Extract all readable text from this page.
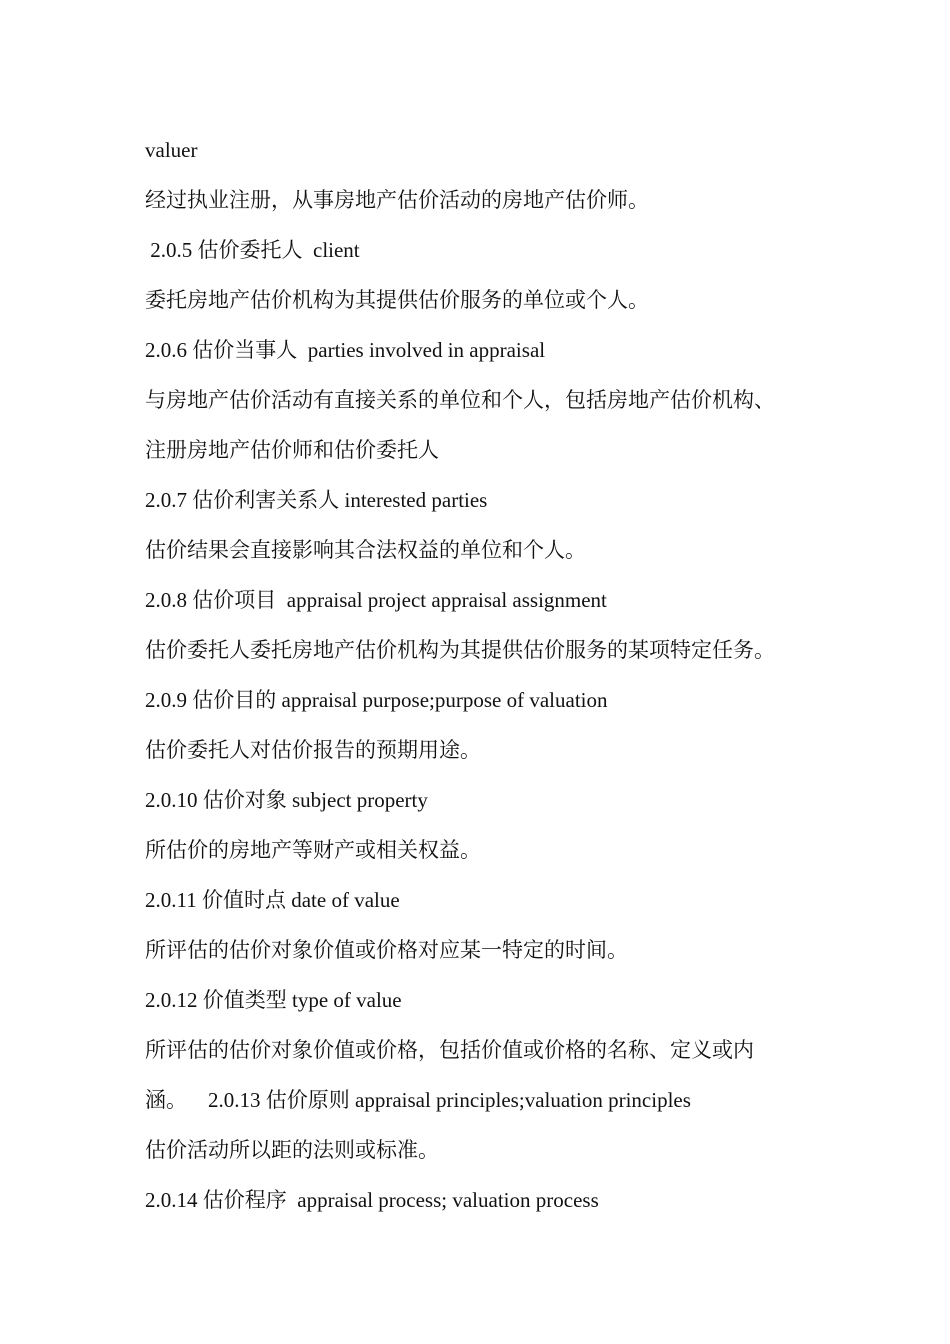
valuer
经过执业注册，从事房地产估价活动的房地产估价师。
2.0.5 估价委托人  client
委托房地产估价机构为其提供估价服务的单位或个人。
2.0.6 估价当事人  parties involved in appraisal
与房地产估价活动有直接关系的单位和个人，包括房地产估价机构、
注册房地产估价师和估价委托人
2.0.7 估价利害关系人 interested parties
估价结果会直接影响其合法权益的单位和个人。
2.0.8 估价项目  appraisal project appraisal assignment
估价委托人委托房地产估价机构为其提供估价服务的某项特定任务。
2.0.9 估价目的 appraisal purpose;purpose of valuation
估价委托人对估价报告的预期用途。
2.0.10 估价对象 subject property
所估价的房地产等财产或相关权益。
2.0.11 价值时点 date of value
所评估的估价对象价值或价格对应某一特定的时间。
2.0.12 价值类型 type of value
所评估的估价对象价值或价格，包括价值或价格的名称、定义或内
涵。    2.0.13 估价原则 appraisal principles;valuation principles
估价活动所以距的法则或标准。
2.0.14 估价程序  appraisal process; valuation process
